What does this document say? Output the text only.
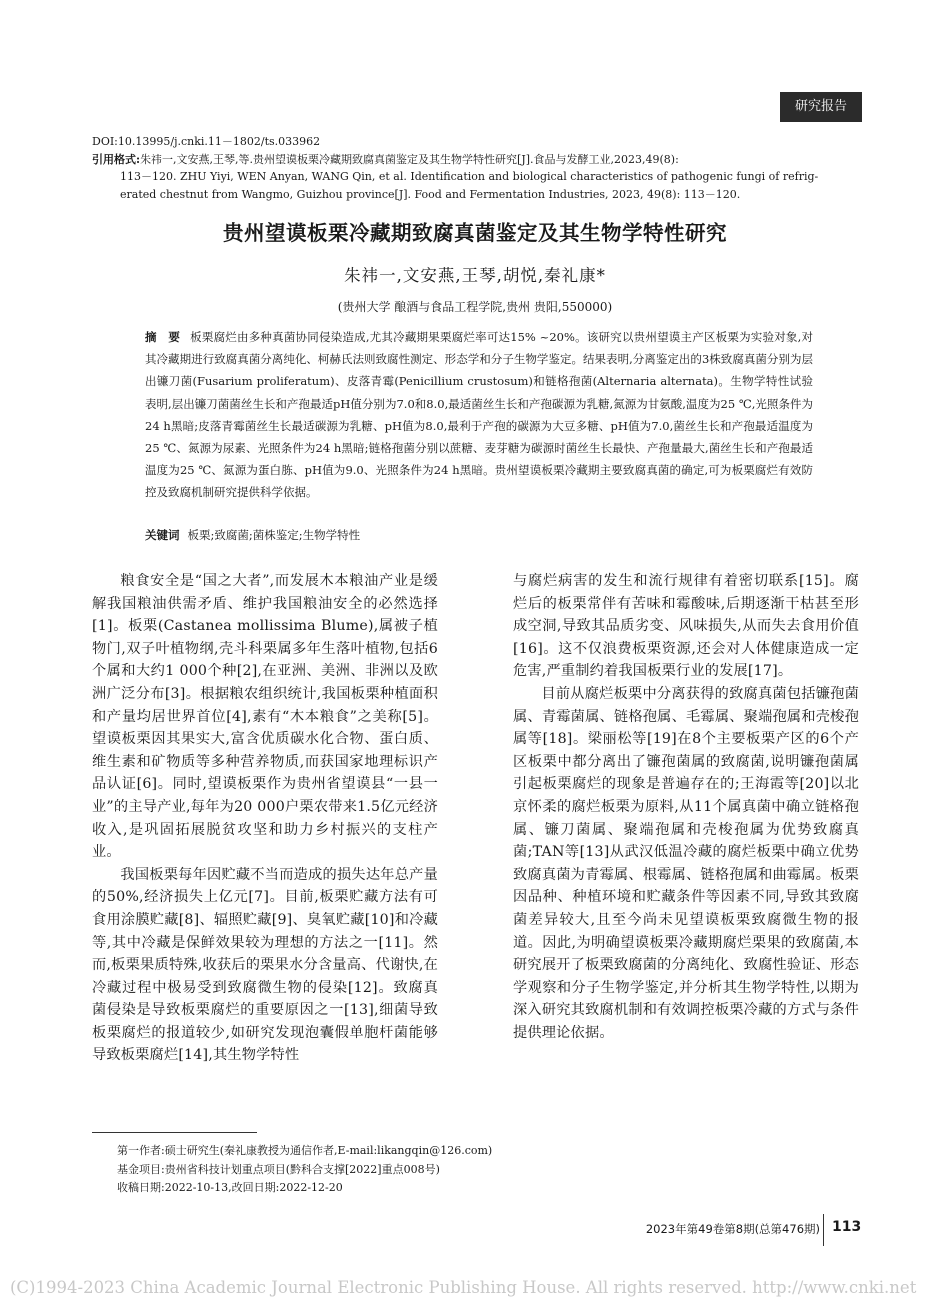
研究报告
DOI:10.13995/j.cnki.11－1802/ts.033962
引用格式:朱祎一,文安燕,王琴,等.贵州望谟板栗冷藏期致腐真菌鉴定及其生物学特性研究[J].食品与发酵工业,2023,49(8):
113－120. ZHU Yiyi, WEN Anyan, WANG Qin, et al. Identification and biological characteristics of pathogenic fungi of refrig-
erated chestnut from Wangmo, Guizhou province[J]. Food and Fermentation Industries, 2023, 49(8): 113－120.
贵州望谟板栗冷藏期致腐真菌鉴定及其生物学特性研究
朱祎一,文安燕,王琴,胡悦,秦礼康*
(贵州大学 酿酒与食品工程学院,贵州 贵阳,550000)
摘　要 板栗腐烂由多种真菌协同侵染造成,尤其冷藏期果栗腐烂率可达15% ~20%。该研究以贵州望谟主产区板栗为实验对象,对其冷藏期进行致腐真菌分离纯化、柯赫氏法则致腐性测定、形态学和分子生物学鉴定。结果表明,分离鉴定出的3株致腐真菌分别为层出镰刀菌(Fusarium proliferatum)、皮落青霉(Penicillium crustosum)和链格孢菌(Alternaria alternata)。生物学特性试验表明,层出镰刀菌菌丝生长和产孢最适pH值分别为7.0和8.0,最适菌丝生长和产孢碳源为乳糖,氮源为甘氨酸,温度为25 ℃,光照条件为24 h黑暗;皮落青霉菌丝生长最适碳源为乳糖、pH值为8.0,最利于产孢的碳源为大豆多糖、pH值为7.0,菌丝生长和产孢最适温度为25 ℃、氮源为尿素、光照条件为24 h黑暗;链格孢菌分别以蔗糖、麦芽糖为碳源时菌丝生长最快、产孢量最大,菌丝生长和产孢最适温度为25 ℃、氮源为蛋白胨、pH值为9.0、光照条件为24 h黑暗。贵州望谟板栗冷藏期主要致腐真菌的确定,可为板栗腐烂有效防控及致腐机制研究提供科学依据。
关键词 板栗;致腐菌;菌株鉴定;生物学特性

粮食安全是“国之大者”,而发展木本粮油产业是缓解我国粮油供需矛盾、维护我国粮油安全的必然选择[1]。板栗(Castanea mollissima Blume),属被子植物门,双子叶植物纲,壳斗科栗属多年生落叶植物,包括6个属和大约1 000个种[2],在亚洲、美洲、非洲以及欧洲广泛分布[3]。根据粮农组织统计,我国板栗种植面积和产量均居世界首位[4],素有“木本粮食”之美称[5]。望谟板栗因其果实大,富含优质碳水化合物、蛋白质、维生素和矿物质等多种营养物质,而获国家地理标识产品认证[6]。同时,望谟板栗作为贵州省望谟县“一县一业”的主导产业,每年为20 000户栗农带来1.5亿元经济收入,是巩固拓展脱贫攻坚和助力乡村振兴的支柱产业。

我国板栗每年因贮藏不当而造成的损失达年总产量的50%,经济损失上亿元[7]。目前,板栗贮藏方法有可食用涂膜贮藏[8]、辐照贮藏[9]、臭氧贮藏[10]和冷藏等,其中冷藏是保鲜效果较为理想的方法之一[11]。然而,板栗果质特殊,收获后的栗果水分含量高、代谢快,在冷藏过程中极易受到致腐微生物的侵染[12]。致腐真菌侵染是导致板栗腐烂的重要原因之一[13],细菌导致板栗腐烂的报道较少,如研究发现泡囊假单胞杆菌能够导致板栗腐烂[14],其生物学特性

与腐烂病害的发生和流行规律有着密切联系[15]。腐烂后的板栗常伴有苦味和霉酸味,后期逐渐干枯甚至形成空洞,导致其品质劣变、风味损失,从而失去食用价值[16]。这不仅浪费板栗资源,还会对人体健康造成一定危害,严重制约着我国板栗行业的发展[17]。

目前从腐烂板栗中分离获得的致腐真菌包括镰孢菌属、青霉菌属、链格孢属、毛霉属、聚端孢属和壳梭孢属等[18]。梁丽松等[19]在8个主要板栗产区的6个产区板栗中都分离出了镰孢菌属的致腐菌,说明镰孢菌属引起板栗腐烂的现象是普遍存在的;王海霞等[20]以北京怀柔的腐烂板栗为原料,从11个属真菌中确立链格孢属、镰刀菌属、聚端孢属和壳梭孢属为优势致腐真菌;TAN等[13]从武汉低温冷藏的腐烂板栗中确立优势致腐真菌为青霉属、根霉属、链格孢属和曲霉属。板栗因品种、种植环境和贮藏条件等因素不同,导致其致腐菌差异较大,且至今尚未见望谟板栗致腐微生物的报道。因此,为明确望谟板栗冷藏期腐烂栗果的致腐菌,本研究展开了板栗致腐菌的分离纯化、致腐性验证、形态学观察和分子生物学鉴定,并分析其生物学特性,以期为深入研究其致腐机制和有效调控板栗冷藏的方式与条件提供理论依据。

第一作者:硕士研究生(秦礼康教授为通信作者,E-mail:likangqin@126.com)
基金项目:贵州省科技计划重点项目(黔科合支撑[2022]重点008号)
收稿日期:2022-10-13,改回日期:2022-12-20
2023年第49卷第8期(总第476期) 113
(C)1994-2023 China Academic Journal Electronic Publishing House. All rights reserved. http://www.cnki.net
